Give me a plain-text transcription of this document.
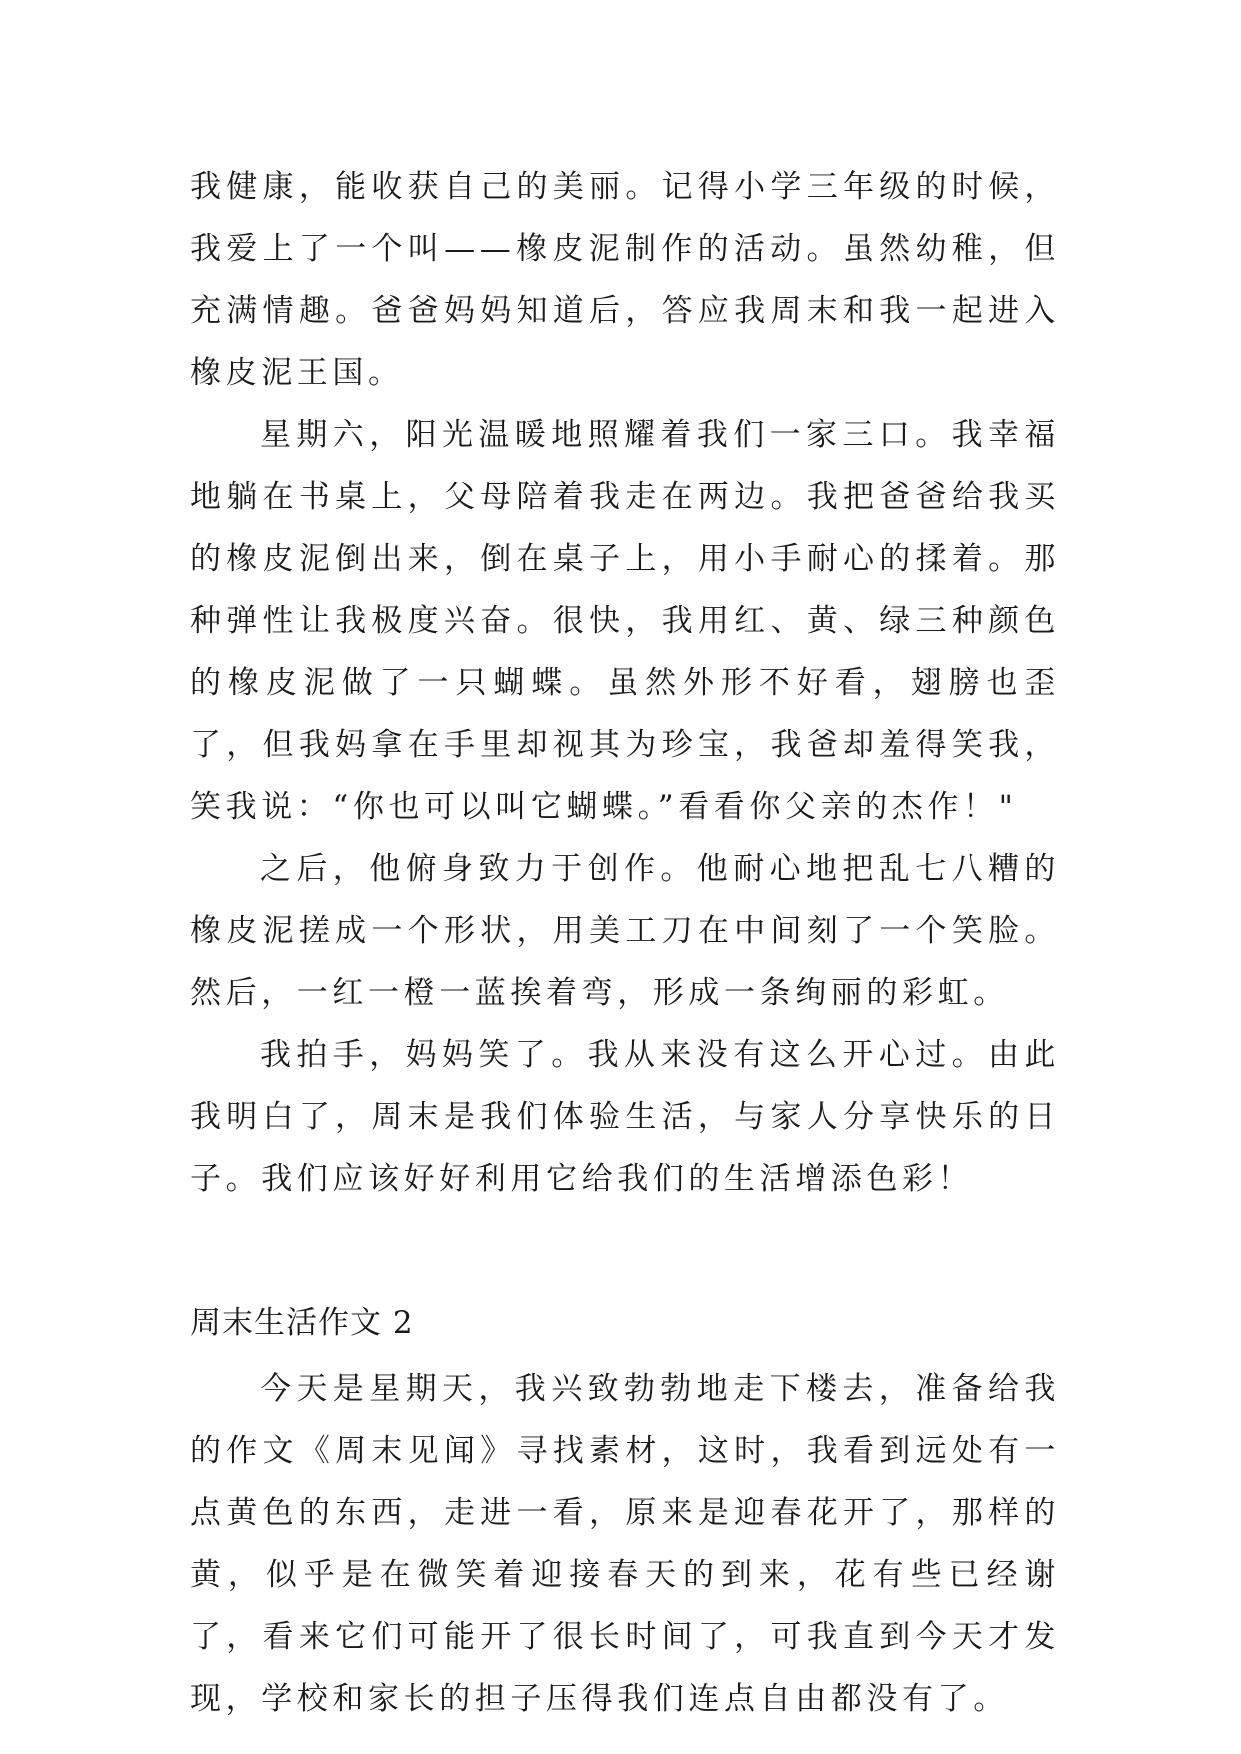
我健康，能收获自己的美丽。记得小学三年级的时候，我爱上了一个叫——橡皮泥制作的活动。虽然幼稚，但充满情趣。爸爸妈妈知道后，答应我周末和我一起进入橡皮泥王国。

星期六，阳光温暖地照耀着我们一家三口。我幸福地躺在书桌上，父母陪着我走在两边。我把爸爸给我买的橡皮泥倒出来，倒在桌子上，用小手耐心的揉着。那种弹性让我极度兴奋。很快，我用红、黄、绿三种颜色的橡皮泥做了一只蝴蝶。虽然外形不好看，翅膀也歪了，但我妈拿在手里却视其为珍宝，我爸却羞得笑我，笑我说：“你也可以叫它蝴蝶。”看看你父亲的杰作！"

之后，他俯身致力于创作。他耐心地把乱七八糟的橡皮泥搓成一个形状，用美工刀在中间刻了一个笑脸。然后，一红一橙一蓝挨着弯，形成一条绚丽的彩虹。

我拍手，妈妈笑了。我从来没有这么开心过。由此我明白了，周末是我们体验生活，与家人分享快乐的日子。我们应该好好利用它给我们的生活增添色彩！

周末生活作文 2

今天是星期天，我兴致勃勃地走下楼去，准备给我的作文《周末见闻》寻找素材，这时，我看到远处有一点黄色的东西，走进一看，原来是迎春花开了，那样的黄，似乎是在微笑着迎接春天的到来，花有些已经谢了，看来它们可能开了很长时间了，可我直到今天才发现，学校和家长的担子压得我们连点自由都没有了。
